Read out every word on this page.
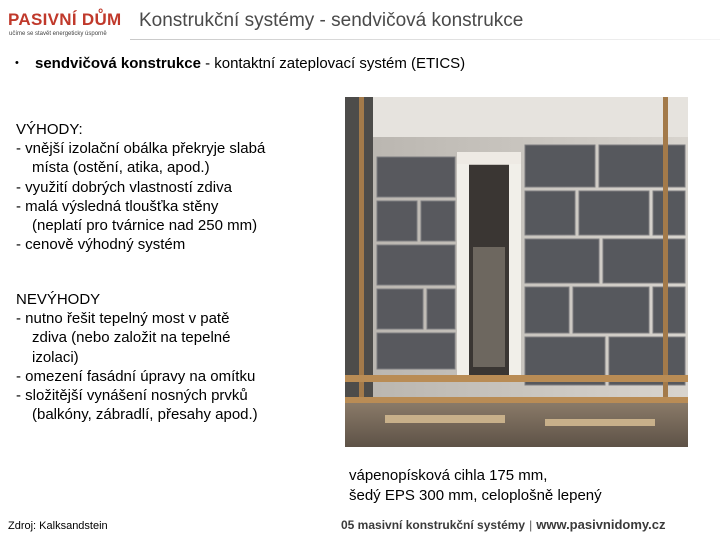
PASIVNÍ DŮM
učíme se stavět energeticky úsporně
Konstrukční systémy - sendvičová konstrukce
• sendvičová konstrukce - kontaktní zateplovací systém (ETICS)
VÝHODY:
- vnější izolační obálka překryje slabá
místa (ostění, atika, apod.)
- využití dobrých vlastností zdiva
- malá výsledná tloušťka stěny
(neplatí pro tvárnice nad 250 mm)
- cenově výhodný systém
NEVÝHODY
- nutno řešit tepelný most v patě
zdiva (nebo založit na tepelné
izolaci)
- omezení fasádní úpravy na omítku
- složitější vynášení nosných prvků
(balkóny, zábradlí, přesahy apod.)
vápenopísková cihla 175 mm,
šedý EPS 300 mm, celoplošně lepený
Zdroj: Kalksandstein	05 masivní konstrukční systémy | www.pasivnidomy.cz
